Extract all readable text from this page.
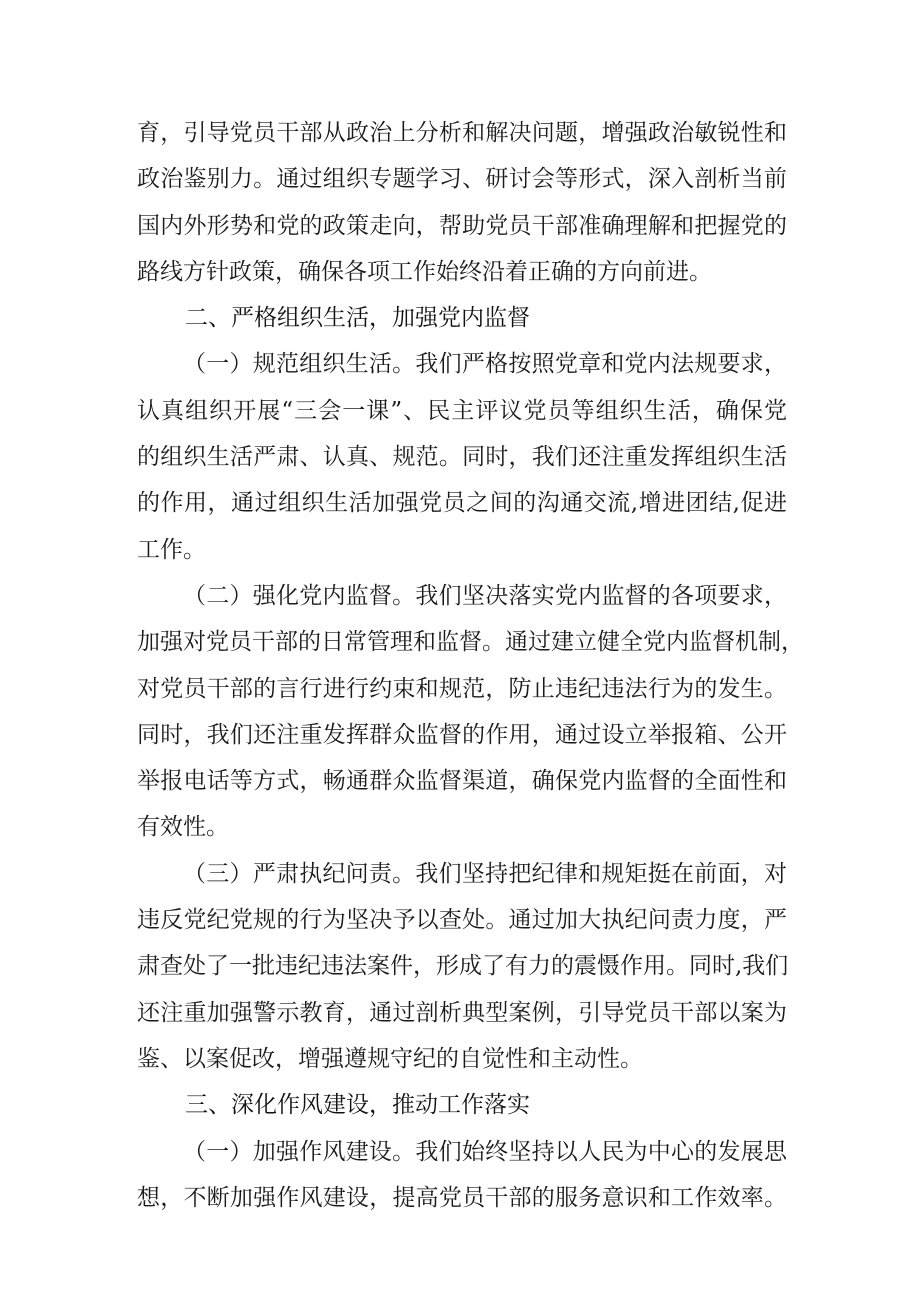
育，引导党员干部从政治上分析和解决问题，增强政治敏锐性和
政治鉴别力。通过组织专题学习、研讨会等形式，深入剖析当前
国内外形势和党的政策走向，帮助党员干部准确理解和把握党的
路线方针政策，确保各项工作始终沿着正确的方向前进。
二、严格组织生活，加强党内监督
（一）规范组织生活。我们严格按照党章和党内法规要求，
认真组织开展“三会一课”、民主评议党员等组织生活，确保党
的组织生活严肃、认真、规范。同时，我们还注重发挥组织生活
的作用，通过组织生活加强党员之间的沟通交流,增进团结,促进
工作。
（二）强化党内监督。我们坚决落实党内监督的各项要求，
加强对党员干部的日常管理和监督。通过建立健全党内监督机制，
对党员干部的言行进行约束和规范，防止违纪违法行为的发生。
同时，我们还注重发挥群众监督的作用，通过设立举报箱、公开
举报电话等方式，畅通群众监督渠道，确保党内监督的全面性和
有效性。
（三）严肃执纪问责。我们坚持把纪律和规矩挺在前面，对
违反党纪党规的行为坚决予以查处。通过加大执纪问责力度，严
肃查处了一批违纪违法案件，形成了有力的震慑作用。同时,我们
还注重加强警示教育，通过剖析典型案例，引导党员干部以案为
鉴、以案促改，增强遵规守纪的自觉性和主动性。
三、深化作风建设，推动工作落实
（一）加强作风建设。我们始终坚持以人民为中心的发展思
想，不断加强作风建设，提高党员干部的服务意识和工作效率。
